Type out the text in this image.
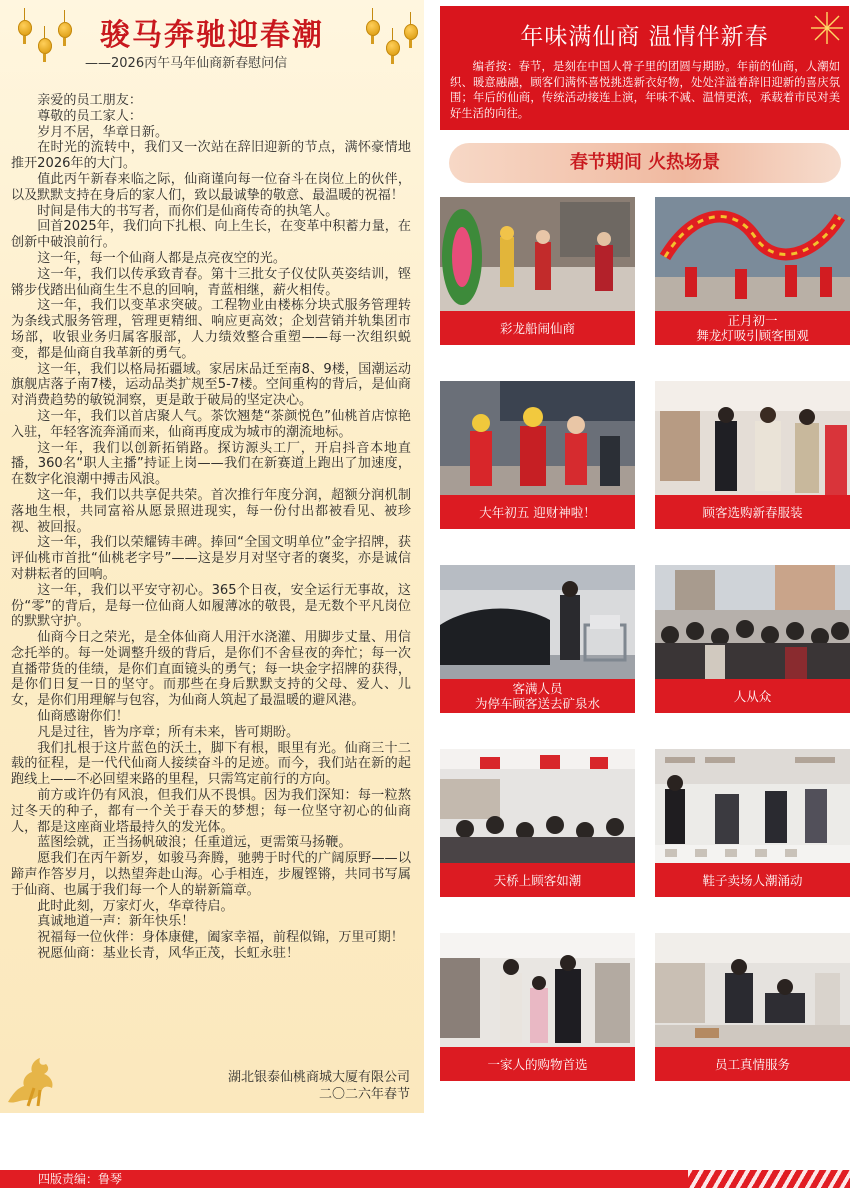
骏马奔驰迎春潮
——2026丙午马年仙商新春慰问信

亲爱的员工朋友：

尊敬的员工家人：

岁月不居，华章日新。

在时光的流转中，我们又一次站在辞旧迎新的节点，满怀豪情地推开2026年的大门。

值此丙午新春来临之际，仙商谨向每一位奋斗在岗位上的伙伴，以及默默支持在身后的家人们，致以最诚挚的敬意、最温暖的祝福！

时间是伟大的书写者，而你们是仙商传奇的执笔人。

回首2025年，我们向下扎根、向上生长，在变革中积蓄力量，在创新中破浪前行。

这一年，每一个仙商人都是点亮夜空的光。

这一年，我们以传承致青春。第十三批女子仪仗队英姿结训，铿锵步伐踏出仙商生生不息的回响，青蓝相继，薪火相传。

这一年，我们以变革求突破。工程物业由楼栋分块式服务管理转为条线式服务管理，管理更精细、响应更高效；企划营销并轨集团市场部，收银业务归属客服部，人力绩效整合重塑——每一次组织蜕变，都是仙商自我革新的勇气。

这一年，我们以格局拓疆域。家居床品迁至南8、9楼，国潮运动旗舰店落子南7楼，运动品类扩规至5-7楼。空间重构的背后，是仙商对消费趋势的敏锐洞察，更是敢于破局的坚定决心。

这一年，我们以首店聚人气。茶饮翘楚“茶颜悦色”仙桃首店惊艳入驻，年轻客流奔涌而来，仙商再度成为城市的潮流地标。

这一年，我们以创新拓销路。探访源头工厂，开启抖音本地直播，360名“职人主播”持证上岗——我们在新赛道上跑出了加速度，在数字化浪潮中搏击风浪。

这一年，我们以共享促共荣。首次推行年度分润，超额分润机制落地生根，共同富裕从愿景照进现实，每一份付出都被看见、被珍视、被回报。

这一年，我们以荣耀铸丰碑。捧回“全国文明单位”金字招牌，获评仙桃市首批“仙桃老字号”——这是岁月对坚守者的褒奖，亦是诚信对耕耘者的回响。

这一年，我们以平安守初心。365个日夜，安全运行无事故，这份“零”的背后，是每一位仙商人如履薄冰的敬畏，是无数个平凡岗位的默默守护。

仙商今日之荣光，是全体仙商人用汗水浇灌、用脚步丈量、用信念托举的。每一处调整升级的背后，是你们不舍昼夜的奔忙；每一次直播带货的佳绩，是你们直面镜头的勇气；每一块金字招牌的获得，是你们日复一日的坚守。而那些在身后默默支持的父母、爱人、儿女，是你们用理解与包容，为仙商人筑起了最温暖的避风港。

仙商感谢你们！

凡是过往，皆为序章；所有未来，皆可期盼。

我们扎根于这片蓝色的沃土，脚下有根，眼里有光。仙商三十二载的征程，是一代代仙商人接续奋斗的足迹。而今，我们站在新的起跑线上——不必回望来路的里程，只需笃定前行的方向。

前方或许仍有风浪，但我们从不畏惧。因为我们深知：每一粒熬过冬天的种子，都有一个关于春天的梦想；每一位坚守初心的仙商人，都是这座商业塔最持久的发光体。

蓝图绘就，正当扬帆破浪；任重道远，更需策马扬鞭。

愿我们在丙午新岁，如骏马奔腾，驰骋于时代的广阔原野——以蹄声作答岁月，以热望奔赴山海。心手相连，步履铿锵，共同书写属于仙商、也属于我们每一个人的崭新篇章。

此时此刻，万家灯火，华章待启。

真诚地道一声：新年快乐！

祝福每一位伙伴：身体康健，阖家幸福，前程似锦，万里可期！

祝愿仙商：基业长青，风华正茂，长虹永驻！

湖北银泰仙桃商城大厦有限公司
二〇二六年春节
年味满仙商 温情伴新春

编者按：春节，是刻在中国人骨子里的团圆与期盼。年前的仙商，人潮如织、暖意融融，顾客们满怀喜悦挑选新衣好物，处处洋溢着辞旧迎新的喜庆氛围；年后的仙商，传统活动接连上演，年味不减、温情更浓，承载着市民对美好生活的向往。

春节期间 火热场景
彩龙船闹仙商	正月初一
舞龙灯吸引顾客围观
大年初五 迎财神啦！	顾客选购新春服装
客满人员
为停车顾客送去矿泉水	人从众
天桥上顾客如潮	鞋子卖场人潮涌动
一家人的购物首选	员工真情服务
四版责编：鲁琴
